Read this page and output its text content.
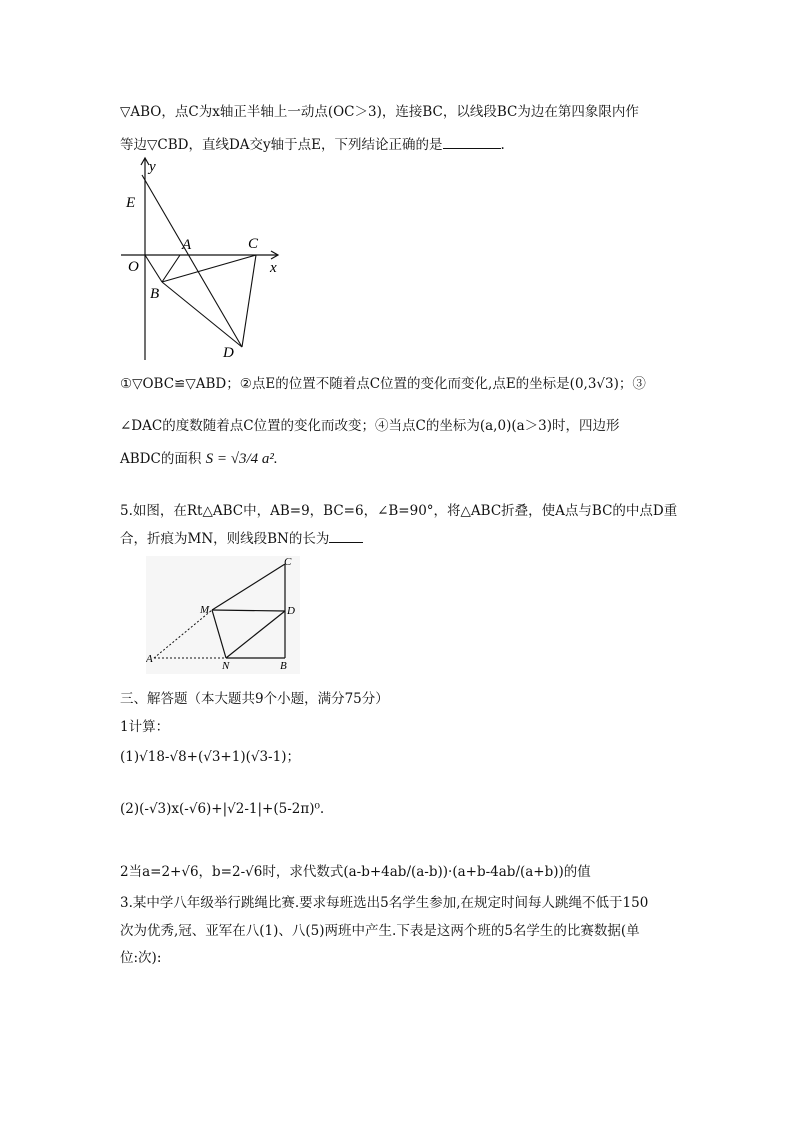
▽ABO，点C为x轴正半轴上一动点(OC＞3)，连接BC，以线段BC为边在第四象限内作
等边▽CBD，直线DA交y轴于点E，下列结论正确的是	.
y
x
E
O
A
B
C
D
①▽OBC≌▽ABD；②点E的位置不随着点C位置的变化而变化,点E的坐标是(0,3√3)；③
∠DAC的度数随着点C位置的变化而改变；④当点C的坐标为(a,0)(a＞3)时，四边形
ABDC的面积 S = √3/4 a².
5.如图，在Rt△ABC中，AB=9，BC=6，∠B=90°，将△ABC折叠，使A点与BC的中点D重
合，折痕为MN，则线段BN的长为
C
M	D
A
N	B
三、解答题（本大题共9个小题，满分75分）
1计算：
(1)√18-√8+(√3+1)(√3-1)；
(2)(-√3)x(-√6)+|√2-1|+(5-2π)⁰.
2当a=2+√6，b=2-√6时，求代数式(a-b+4ab/(a-b))·(a+b-4ab/(a+b))的值
3.某中学八年级举行跳绳比赛.要求每班选出5名学生参加,在规定时间每人跳绳不低于150
次为优秀,冠、亚军在八(1)、八(5)两班中产生.下表是这两个班的5名学生的比赛数据(单
位:次):
